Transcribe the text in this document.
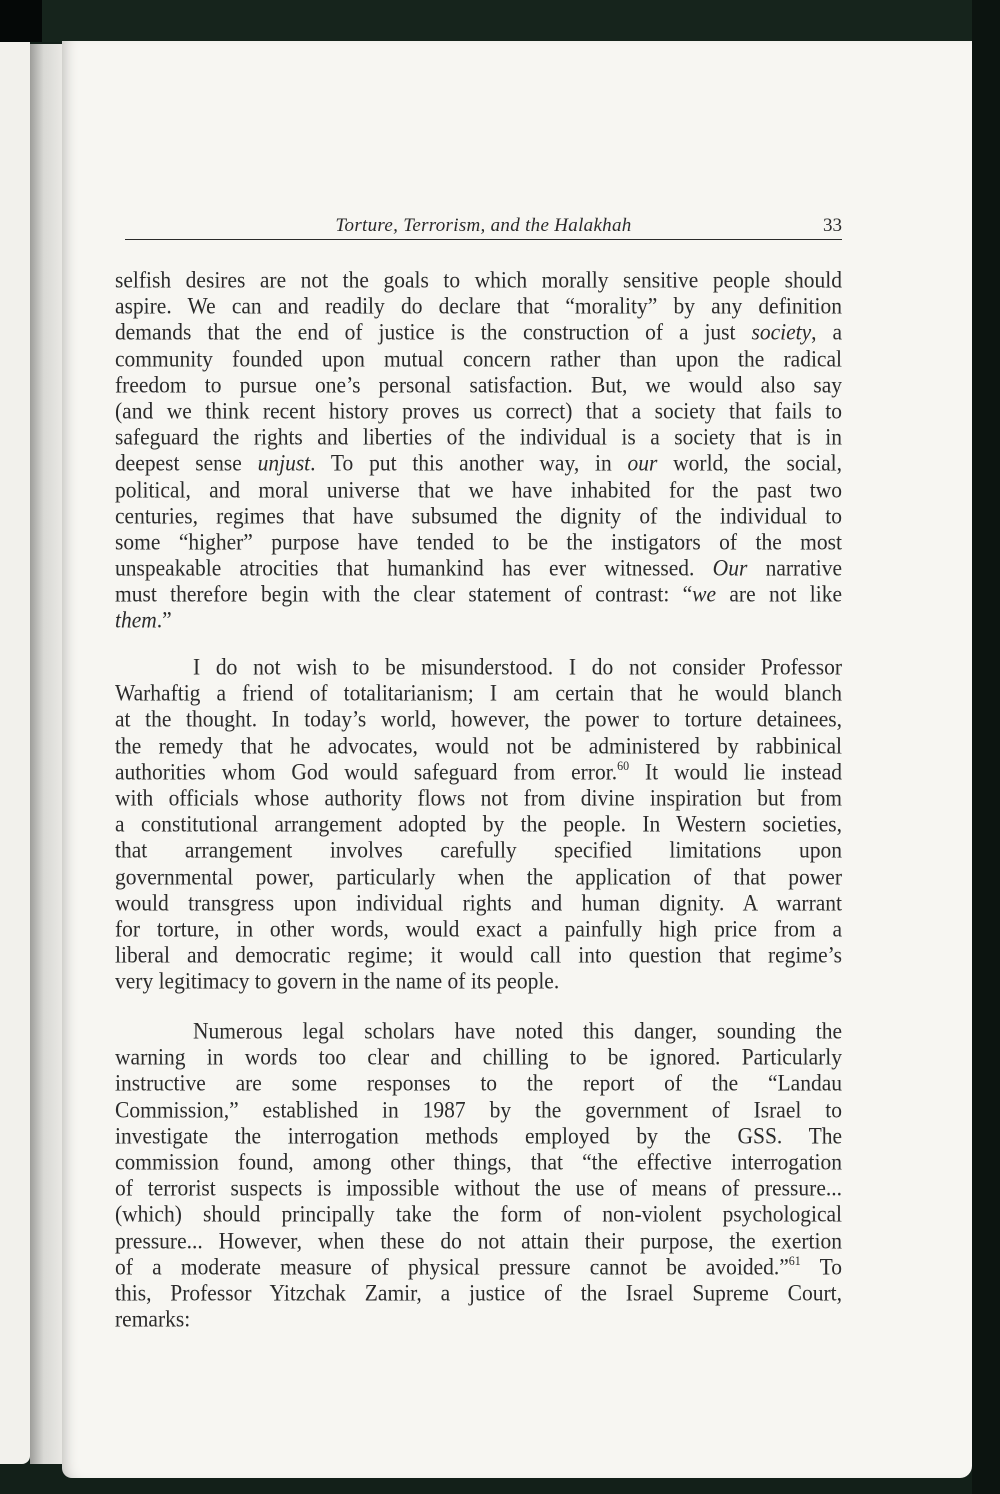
Torture, Terrorism, and the Halakhah	33
selfish desires are not the goals to which morally sensitive people should
aspire. We can and readily do declare that “morality” by any definition
demands that the end of justice is the construction of a just society, a
community founded upon mutual concern rather than upon the radical
freedom to pursue one’s personal satisfaction. But, we would also say
(and we think recent history proves us correct) that a society that fails to
safeguard the rights and liberties of the individual is a society that is in
deepest sense unjust. To put this another way, in our world, the social,
political, and moral universe that we have inhabited for the past two
centuries, regimes that have subsumed the dignity of the individual to
some “higher” purpose have tended to be the instigators of the most
unspeakable atrocities that humankind has ever witnessed. Our narrative
must therefore begin with the clear statement of contrast: “we are not like
them.”
I do not wish to be misunderstood. I do not consider Professor
Warhaftig a friend of totalitarianism; I am certain that he would blanch
at the thought. In today’s world, however, the power to torture detainees,
the remedy that he advocates, would not be administered by rabbinical
authorities whom God would safeguard from error.$^{60}$ It would lie instead
with officials whose authority flows not from divine inspiration but from
a constitutional arrangement adopted by the people. In Western societies,
that arrangement involves carefully specified limitations upon
governmental power, particularly when the application of that power
would transgress upon individual rights and human dignity. A warrant
for torture, in other words, would exact a painfully high price from a
liberal and democratic regime; it would call into question that regime’s
very legitimacy to govern in the name of its people.
Numerous legal scholars have noted this danger, sounding the
warning in words too clear and chilling to be ignored. Particularly
instructive are some responses to the report of the “Landau
Commission,” established in 1987 by the government of Israel to
investigate the interrogation methods employed by the GSS. The
commission found, among other things, that “the effective interrogation
of terrorist suspects is impossible without the use of means of pressure...
(which) should principally take the form of non-violent psychological
pressure... However, when these do not attain their purpose, the exertion
of a moderate measure of physical pressure cannot be avoided.”$^{61}$ To
this, Professor Yitzchak Zamir, a justice of the Israel Supreme Court,
remarks:
